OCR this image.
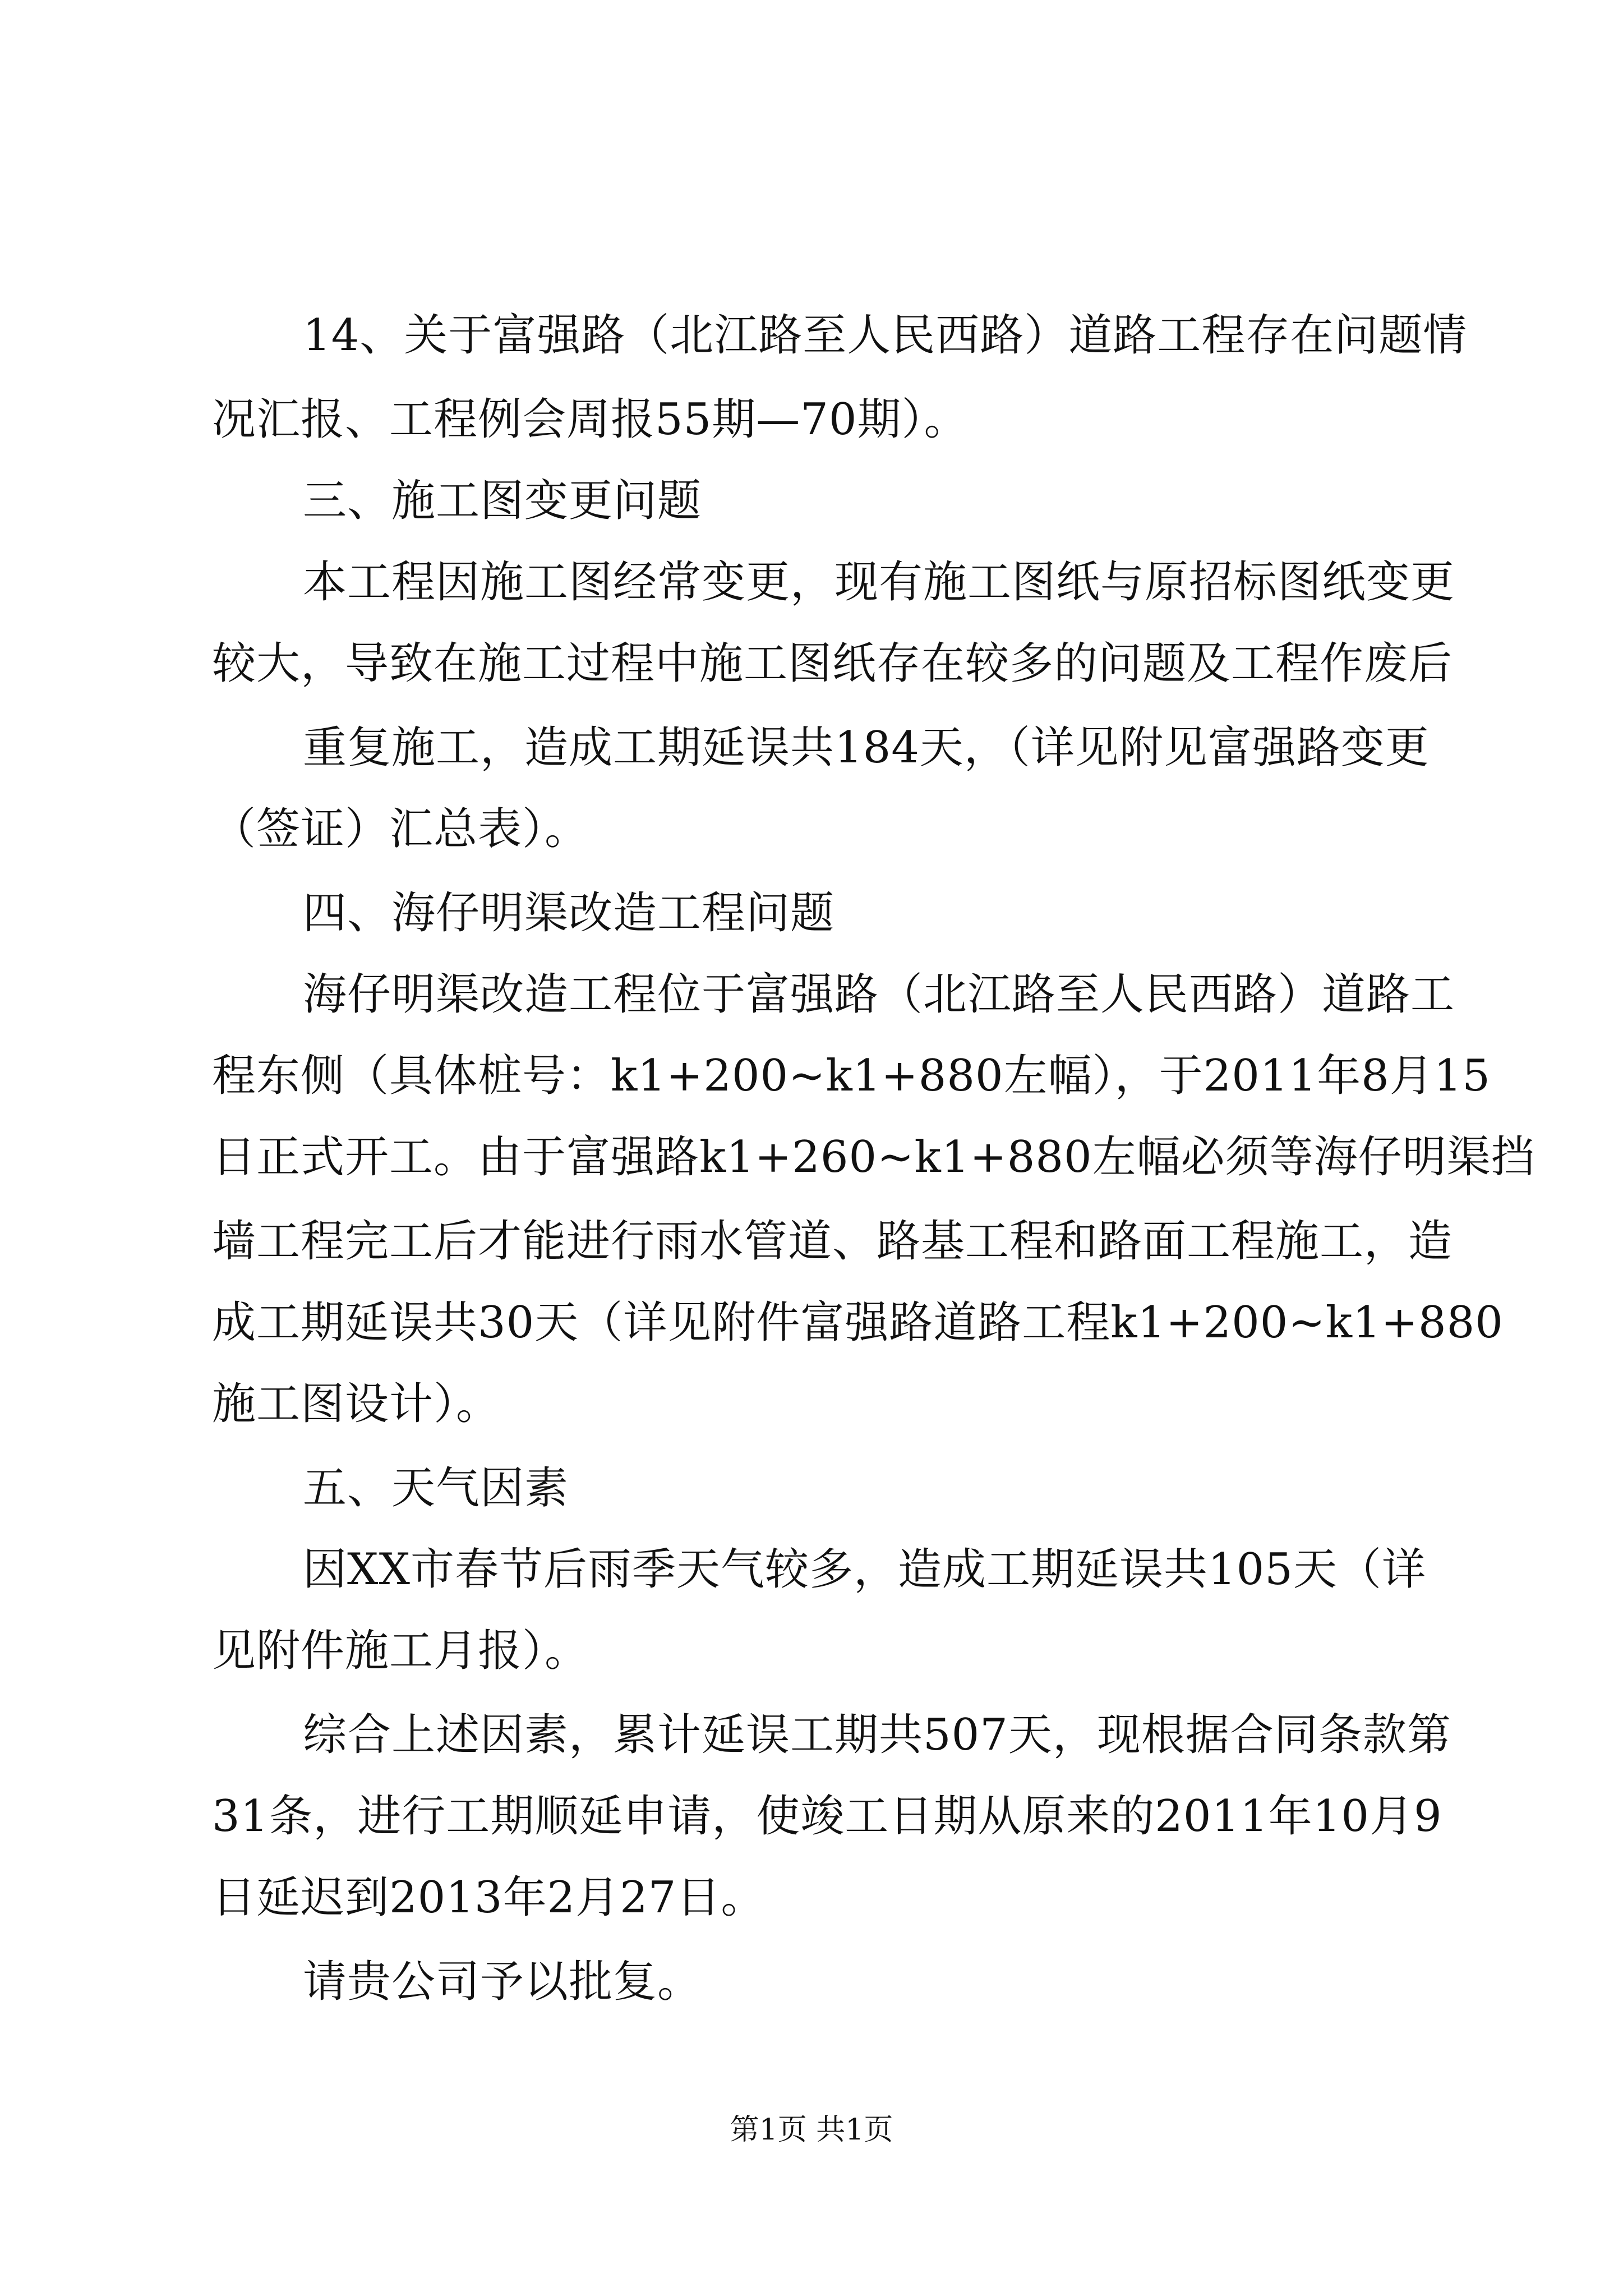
14、关于富强路（北江路至人民西路）道路工程存在问题情
况汇报、工程例会周报55期—70期）。
三、施工图变更问题
本工程因施工图经常变更，现有施工图纸与原招标图纸变更
较大，导致在施工过程中施工图纸存在较多的问题及工程作废后
重复施工，造成工期延误共184天，（详见附见富强路变更
（签证）汇总表）。
四、海仔明渠改造工程问题
海仔明渠改造工程位于富强路（北江路至人民西路）道路工
程东侧（具体桩号：k1+200~k1+880左幅），于2011年8月15
日正式开工。由于富强路k1+260~k1+880左幅必须等海仔明渠挡
墙工程完工后才能进行雨水管道、路基工程和路面工程施工，造
成工期延误共30天（详见附件富强路道路工程k1+200~k1+880
施工图设计）。
五、天气因素
因XX市春节后雨季天气较多，造成工期延误共105天（详
见附件施工月报）。
综合上述因素，累计延误工期共507天，现根据合同条款第
31条，进行工期顺延申请，使竣工日期从原来的2011年10月9
日延迟到2013年2月27日。
请贵公司予以批复。
第1页 共1页
